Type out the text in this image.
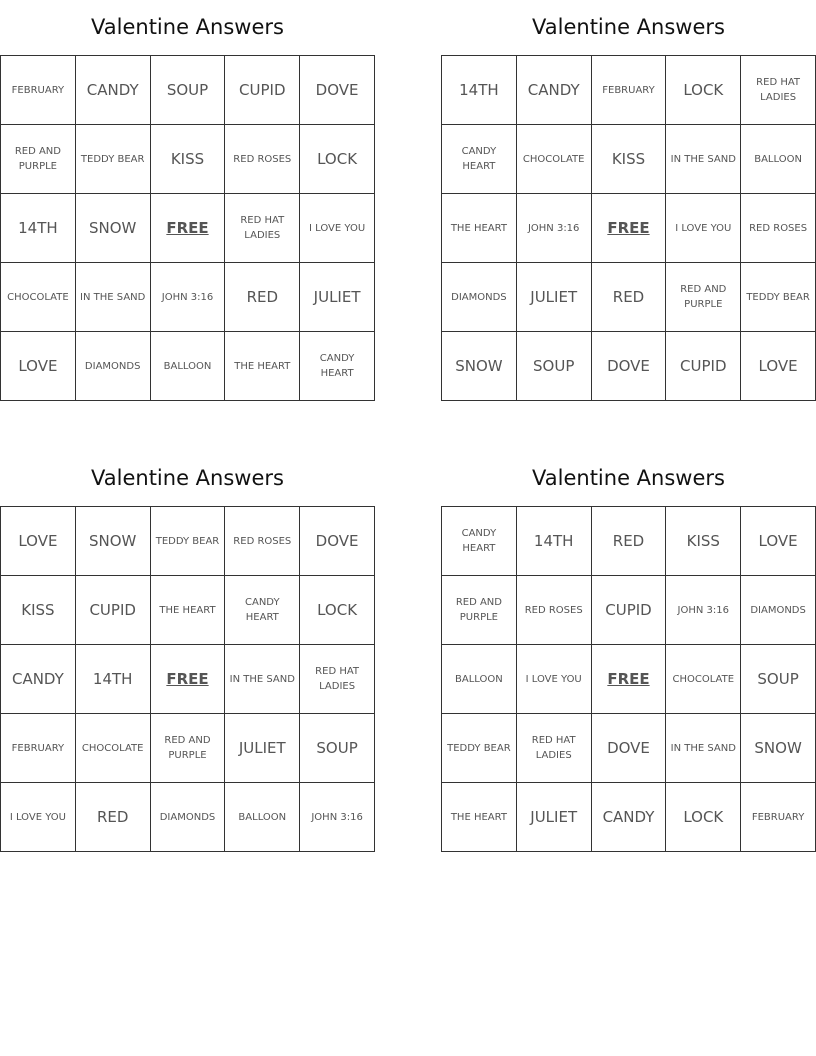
Valentine Answers
FEBRUARY	CANDY	SOUP	CUPID	DOVE
RED AND PURPLE	TEDDY BEAR	KISS	RED ROSES	LOCK
14TH	SNOW	FREE	RED HAT LADIES	I LOVE YOU
CHOCOLATE	IN THE SAND	JOHN 3:16	RED	JULIET
LOVE	DIAMONDS	BALLOON	THE HEART	CANDY HEART
Valentine Answers
14TH	CANDY	FEBRUARY	LOCK	RED HAT LADIES
CANDY HEART	CHOCOLATE	KISS	IN THE SAND	BALLOON
THE HEART	JOHN 3:16	FREE	I LOVE YOU	RED ROSES
DIAMONDS	JULIET	RED	RED AND PURPLE	TEDDY BEAR
SNOW	SOUP	DOVE	CUPID	LOVE
Valentine Answers
LOVE	SNOW	TEDDY BEAR	RED ROSES	DOVE
KISS	CUPID	THE HEART	CANDY HEART	LOCK
CANDY	14TH	FREE	IN THE SAND	RED HAT LADIES
FEBRUARY	CHOCOLATE	RED AND PURPLE	JULIET	SOUP
I LOVE YOU	RED	DIAMONDS	BALLOON	JOHN 3:16
Valentine Answers
CANDY HEART	14TH	RED	KISS	LOVE
RED AND PURPLE	RED ROSES	CUPID	JOHN 3:16	DIAMONDS
BALLOON	I LOVE YOU	FREE	CHOCOLATE	SOUP
TEDDY BEAR	RED HAT LADIES	DOVE	IN THE SAND	SNOW
THE HEART	JULIET	CANDY	LOCK	FEBRUARY
